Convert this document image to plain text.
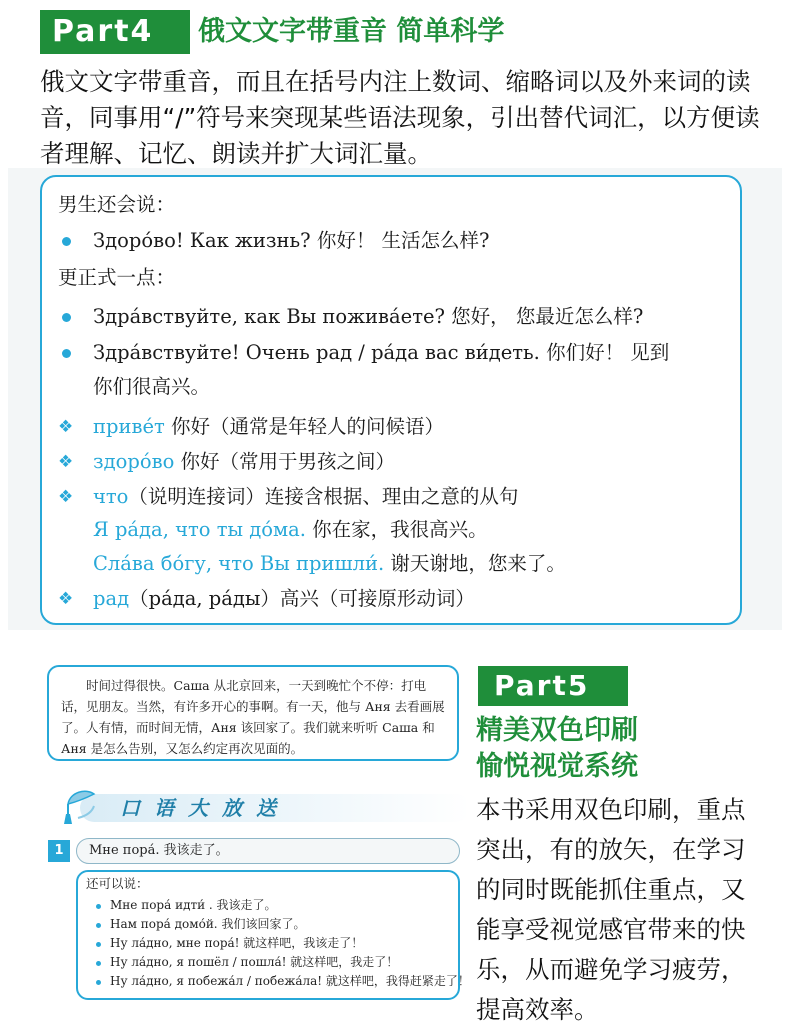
Part4	俄文文字带重音 简单科学
俄文文字带重音，而且在括号内注上数词、缩略词以及外来词的读音，同事用“/”符号来突现某些语法现象，引出替代词汇，以方便读者理解、记忆、朗读并扩大词汇量。
男生还会说：
Здоро́во! Как жизнь? 你好！ 生活怎么样?
更正式一点：
Здра́вствуйте, как Вы пожива́ете? 您好， 您最近怎么样?
Здра́вствуйте! Очень рад / ра́да вас ви́деть. 你们好！ 见到
你们很高兴。
❖ приве́т 你好（通常是年轻人的问候语）
❖ здоро́во 你好（常用于男孩之间）
❖ что（说明连接词）连接含根据、理由之意的从句
Я ра́да, что ты до́ма. 你在家，我很高兴。
Сла́ва бо́гу, что Вы пришли́. 谢天谢地，您来了。
❖ рад（ра́да, ра́ды）高兴（可接原形动词）
时间过得很快。Саша 从北京回来，一天到晚忙个不停：打电话，见朋友。当然，有许多开心的事啊。有一天，他与 Аня 去看画展了。人有情，而时间无情，Аня 该回家了。我们就来听听 Саша 和 Аня 是怎么告别，又怎么约定再次见面的。
口语大放送
1	Мне пора́. 我该走了。
还可以说：
Мне пора́ идти́ . 我该走了。
Нам пора́ домо́й. 我们该回家了。
Ну ла́дно, мне пора́! 就这样吧，我该走了！
Ну ла́дно, я пошёл / пошла́! 就这样吧，我走了！
Ну ла́дно, я побежа́л / побежа́ла! 就这样吧，我得赶紧走了！
Part5
精美双色印刷
愉悦视觉系统
本书采用双色印刷，重点突出，有的放矢，在学习的同时既能抓住重点，又能享受视觉感官带来的快乐，从而避免学习疲劳，提高效率。
